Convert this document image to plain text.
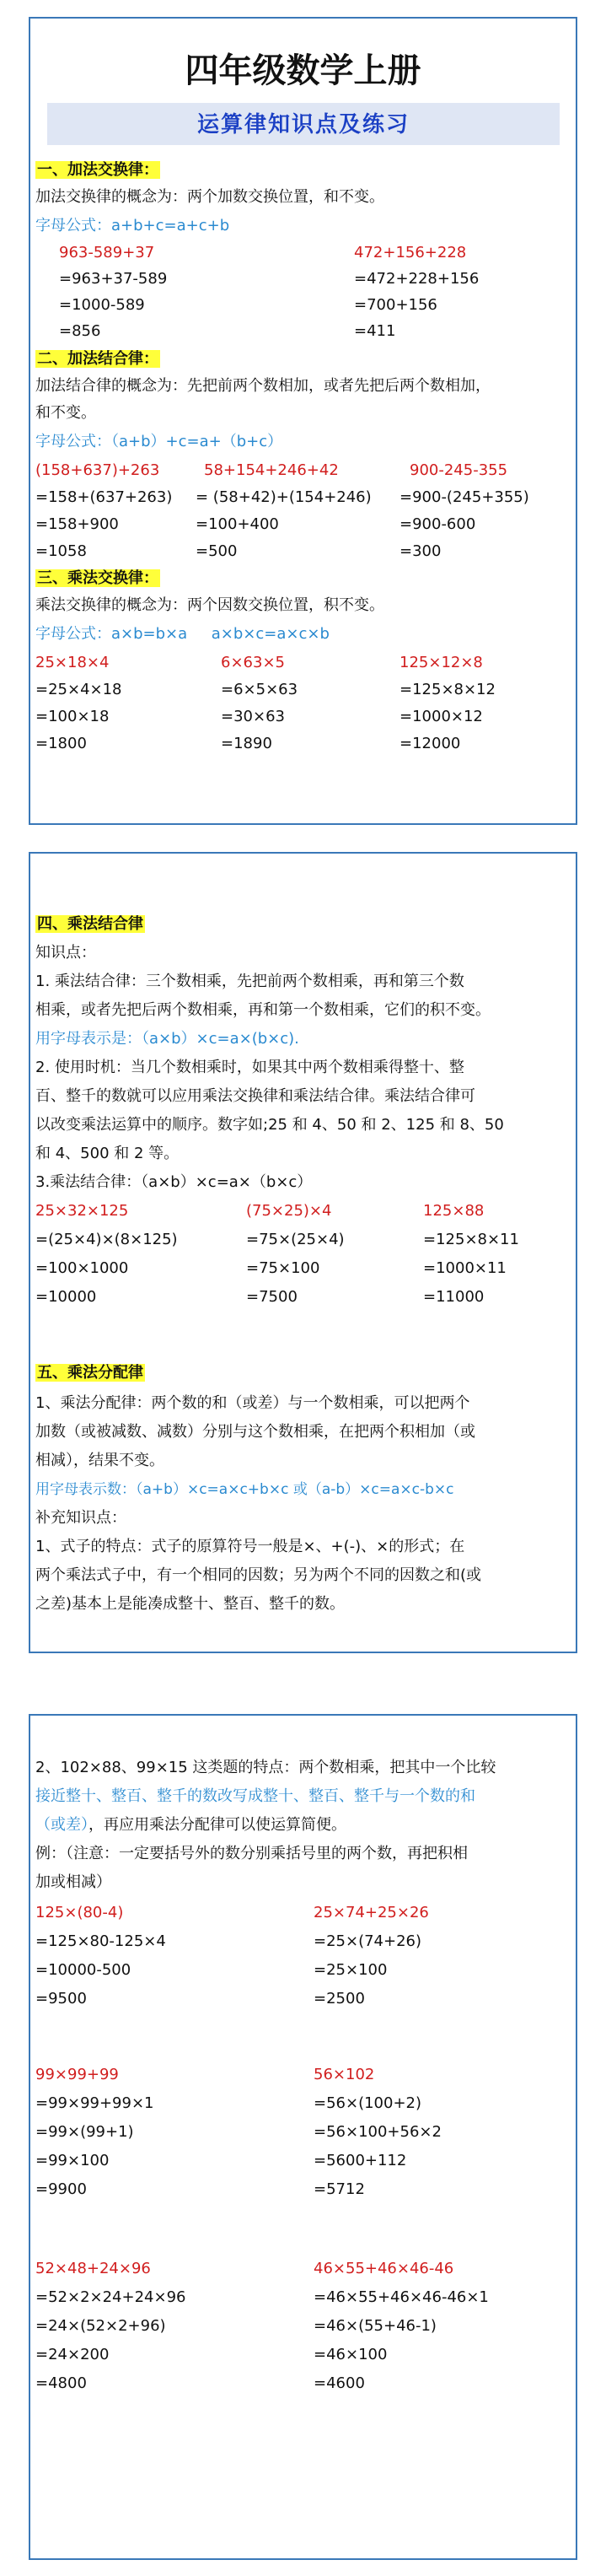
四年级数学上册
运算律知识点及练习
一、加法交换律：
加法交换律的概念为：两个加数交换位置，和不变。
字母公式：a+b+c=a+c+b
963-589+37
=963+37-589
=1000-589
=856
472+156+228
=472+228+156
=700+156
=411
二、加法结合律：
加法结合律的概念为：先把前两个数相加，或者先把后两个数相加，
和不变。
字母公式：（a+b）+c=a+（b+c）
(158+637)+263
=158+(637+263)
=158+900
=1058
58+154+246+42
= (58+42)+(154+246)
=100+400
=500
900-245-355
=900-(245+355)
=900-600
=300
三、乘法交换律：
乘法交换律的概念为：两个因数交换位置，积不变。
字母公式：a×b=b×a     a×b×c=a×c×b
25×18×4
=25×4×18
=100×18
=1800
6×63×5
=6×5×63
=30×63
=1890
125×12×8
=125×8×12
=1000×12
=12000
四、乘法结合律
知识点：
1. 乘法结合律：三个数相乘，先把前两个数相乘，再和第三个数
相乘，或者先把后两个数相乘，再和第一个数相乘，它们的积不变。
用字母表示是：（a×b）×c=a×(b×c).
2. 使用时机：当几个数相乘时，如果其中两个数相乘得整十、整
百、整千的数就可以应用乘法交换律和乘法结合律。乘法结合律可
以改变乘法运算中的顺序。数字如;25 和 4、50 和 2、125 和 8、50
和 4、500 和 2 等。
3.乘法结合律：（a×b）×c=a×（b×c）
25×32×125
=(25×4)×(8×125)
=100×1000
=10000
(75×25)×4
=75×(25×4)
=75×100
=7500
125×88
=125×8×11
=1000×11
=11000
五、乘法分配律
1、乘法分配律：两个数的和（或差）与一个数相乘，可以把两个
加数（或被减数、减数）分别与这个数相乘，在把两个积相加（或
相减），结果不变。
用字母表示数：（a+b）×c=a×c+b×c 或（a-b）×c=a×c-b×c
补充知识点：
1、式子的特点：式子的原算符号一般是×、+(-)、×的形式；在
两个乘法式子中，有一个相同的因数；另为两个不同的因数之和(或
之差)基本上是能凑成整十、整百、整千的数。
2、102×88、99×15 这类题的特点：两个数相乘，把其中一个比较
接近整十、整百、整千的数改写成整十、整百、整千与一个数的和
（或差），再应用乘法分配律可以使运算简便。
例：（注意：一定要括号外的数分别乘括号里的两个数，再把积相
加或相减）
125×(80-4)
=125×80-125×4
=10000-500
=9500
25×74+25×26
=25×(74+26)
=25×100
=2500
99×99+99
=99×99+99×1
=99×(99+1)
=99×100
=9900
56×102
=56×(100+2)
=56×100+56×2
=5600+112
=5712
52×48+24×96
=52×2×24+24×96
=24×(52×2+96)
=24×200
=4800
46×55+46×46-46
=46×55+46×46-46×1
=46×(55+46-1)
=46×100
=4600
